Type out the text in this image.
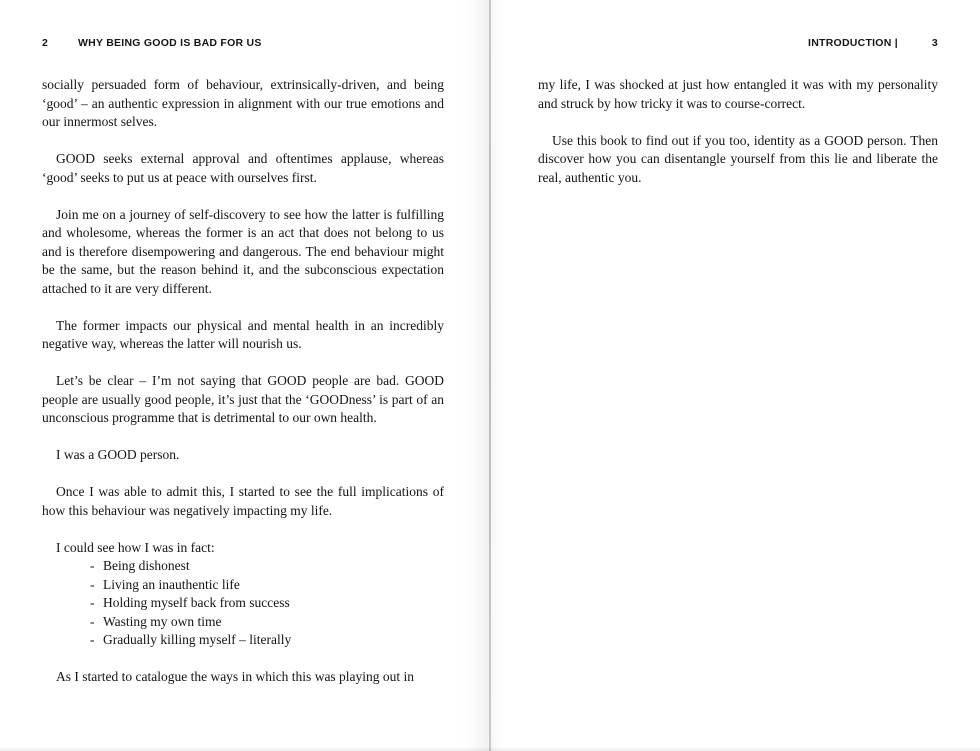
2	WHY BEING GOOD IS BAD FOR US

socially persuaded form of behaviour, extrinsically-driven, and being ‘good’ – an authentic expression in alignment with our true emotions and our innermost selves.

GOOD seeks external approval and oftentimes applause, whereas ‘good’ seeks to put us at peace with ourselves first.

Join me on a journey of self-discovery to see how the latter is fulfilling and wholesome, whereas the former is an act that does not belong to us and is therefore disempowering and dangerous. The end behaviour might be the same, but the reason behind it, and the subconscious expectation attached to it are very different.

The former impacts our physical and mental health in an incredibly negative way, whereas the latter will nourish us.

Let’s be clear – I’m not saying that GOOD people are bad. GOOD people are usually good people, it’s just that the ‘GOODness’ is part of an unconscious programme that is detrimental to our own health.

I was a GOOD person.

Once I was able to admit this, I started to see the full implications of how this behaviour was negatively impacting my life.

I could see how I was in fact:

- Being dishonest
- Living an inauthentic life
- Holding myself back from success
- Wasting my own time
- Gradually killing myself – literally

As I started to catalogue the ways in which this was playing out in

INTRODUCTION |	3

my life, I was shocked at just how entangled it was with my personality and struck by how tricky it was to course-correct.

Use this book to find out if you too, identity as a GOOD person. Then discover how you can disentangle yourself from this lie and liberate the real, authentic you.
